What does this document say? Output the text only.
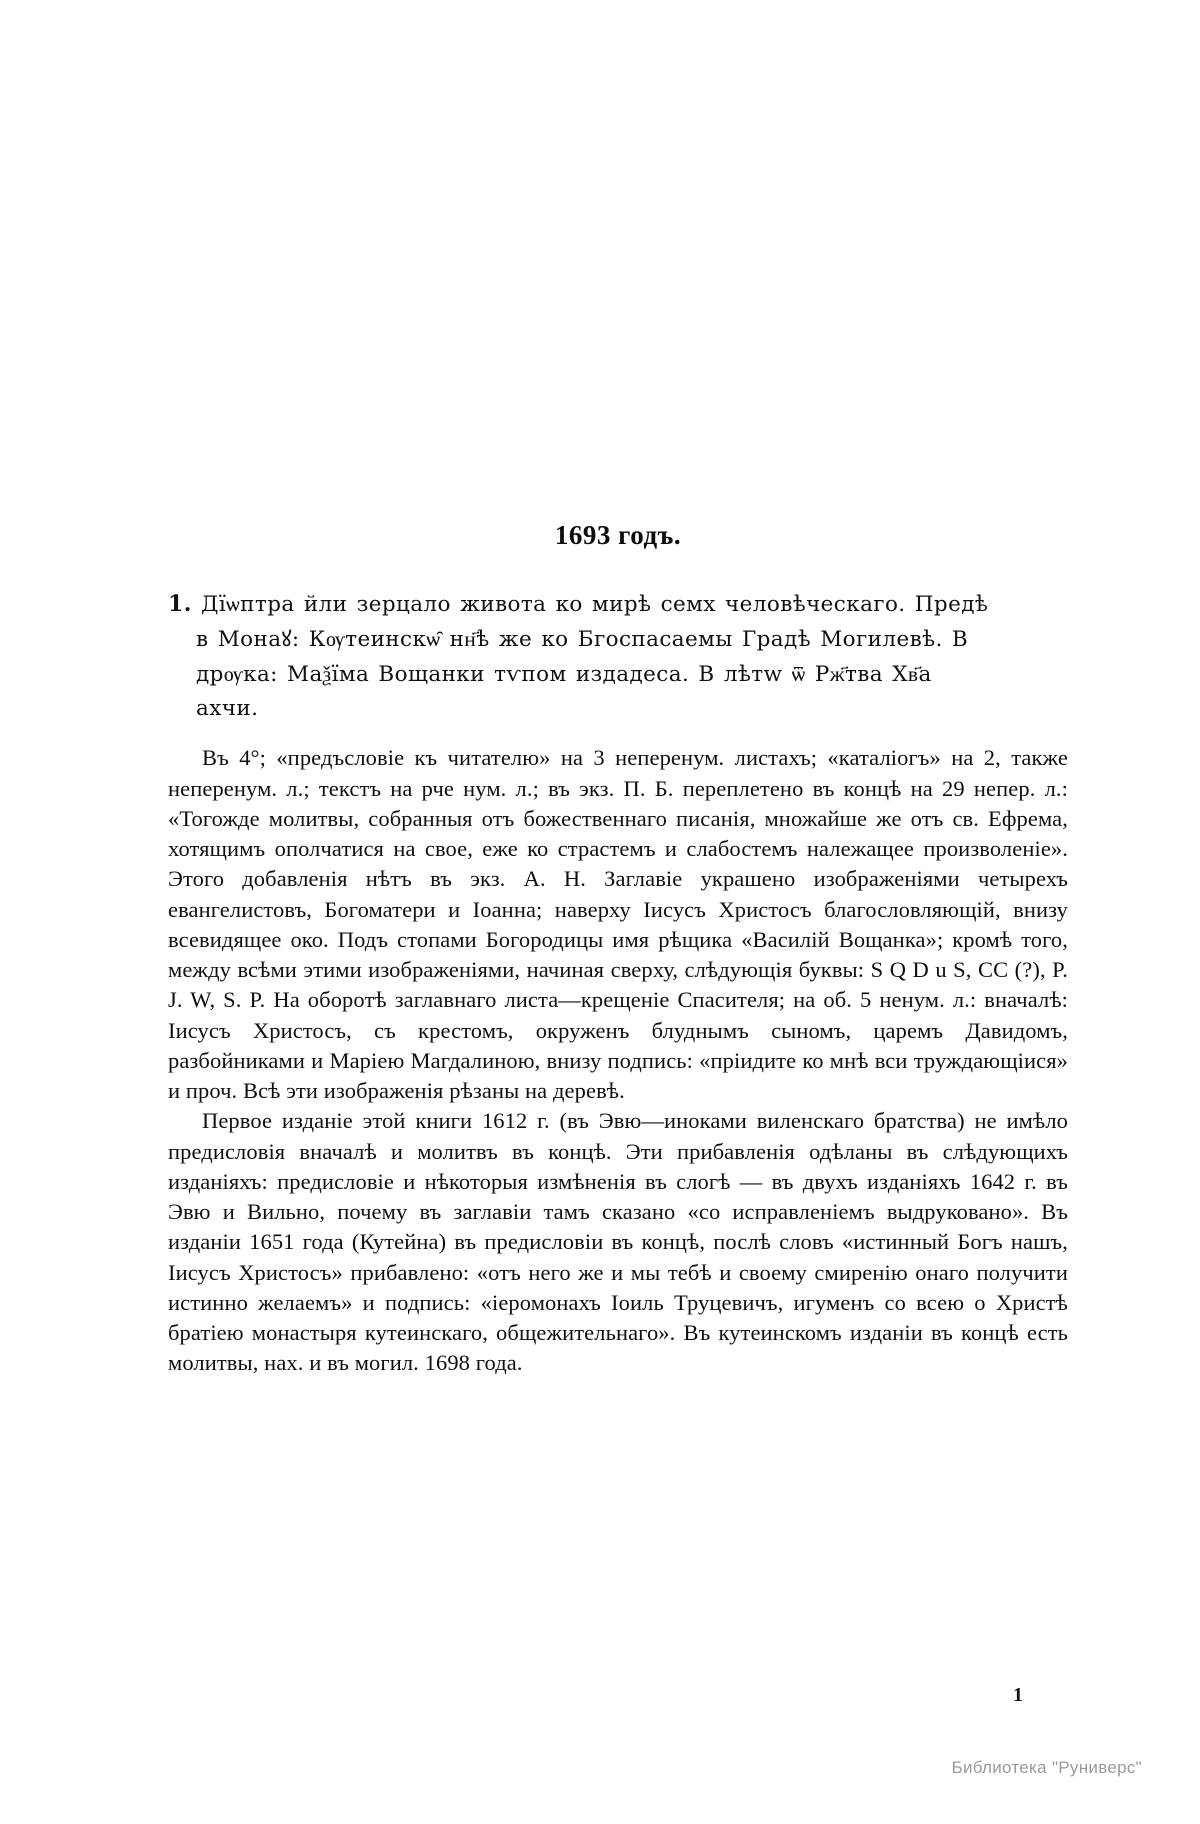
1693 годъ.
1. Дїѡптра йли зерцало живота ко мирѣ семх человѣческаго. Предѣ
в Монаꙋ: Кѹтеинскѡ̑ нн҃ѣ же ко Бгоспасаемы Градѣ Могилевѣ. В
дрѹка: Маѯїма Вощанки тѵпом издадеса. В лѣтw ѿ Рж҃тва Хв҃а
ахчи.

Въ 4°; «предъсловіе къ читателю» на 3 неперенум. листахъ; «каталіогъ» на 2, также неперенум. л.; текстъ на рче нум. л.; въ экз. П. Б. переплетено въ концѣ на 29 непер. л.: «Тогожде молитвы, собранныя отъ божественнаго писанія, множайше же отъ св. Ефрема, хотящимъ ополчатися на свое, еже ко страстемъ и слабостемъ належащее произволеніе». Этого добавленія нѣтъ въ экз. А. Н. Заглавіе украшено изображеніями четырехъ евангелистовъ, Богоматери и Іоанна; наверху Іисусъ Христосъ благословляющій, внизу всевидящее око. Подъ стопами Богородицы имя рѣщика «Василій Вощанка»; кромѣ того, между всѣми этими изображеніями, начиная сверху, слѣдующія буквы: S Q D u S, CC (?), P. J. W, S. P. На оборотѣ заглавнаго листа—крещеніе Спасителя; на об. 5 ненум. л.: вначалѣ: Іисусъ Христосъ, съ крестомъ, окруженъ блуднымъ сыномъ, царемъ Давидомъ, разбойниками и Маріею Магдалиною, внизу подпись: «пріидите ко мнѣ вси труждающіися» и проч. Всѣ эти изображенія рѣзаны на деревѣ.

Первое изданіе этой книги 1612 г. (въ Эвю—иноками виленскаго братства) не имѣло предисловія вначалѣ и молитвъ въ концѣ. Эти прибавленія одѣланы въ слѣдующихъ изданіяхъ: предисловіе и нѣкоторыя измѣненія въ слогѣ — въ двухъ изданіяхъ 1642 г. въ Эвю и Вильно, почему въ заглавіи тамъ сказано «со исправленіемъ выдруковано». Въ изданіи 1651 года (Кутейна) въ предисловіи въ концѣ, послѣ словъ «истинный Богъ нашъ, Іисусъ Христосъ» прибавлено: «отъ него же и мы тебѣ и своему смиренію онаго получити истинно желаемъ» и подпись: «іеромонахъ Іоиль Труцевичъ, игуменъ со всею о Христѣ братіею монастыря кутеинскаго, общежительнаго». Въ кутеинскомъ изданіи въ концѣ есть молитвы, нах. и въ могил. 1698 года.

1
Библиотека "Руниверс"
